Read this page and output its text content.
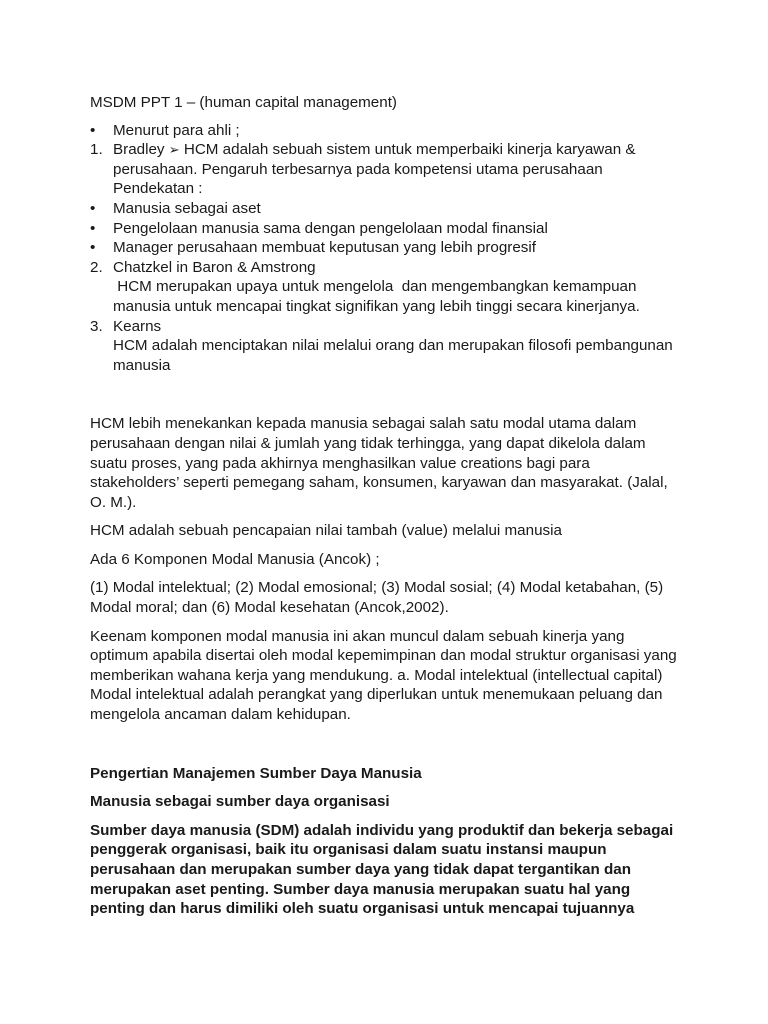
MSDM PPT 1 – (human capital management)

• Menurut para ahli ;
1. Bradley ➢ HCM adalah sebuah sistem untuk memperbaiki kinerja karyawan &
perusahaan. Pengaruh terbesarnya pada kompetensi utama perusahaan
Pendekatan :
• Manusia sebagai aset
• Pengelolaan manusia sama dengan pengelolaan modal finansial
• Manager perusahaan membuat keputusan yang lebih progresif
2. Chatzkel in Baron & Amstrong
HCM merupakan upaya untuk mengelola  dan mengembangkan kemampuan
manusia untuk mencapai tingkat signifikan yang lebih tinggi secara kinerjanya.
3. Kearns
HCM adalah menciptakan nilai melalui orang dan merupakan filosofi pembangunan
manusia
HCM lebih menekankan kepada manusia sebagai salah satu modal utama dalam
perusahaan dengan nilai & jumlah yang tidak terhingga, yang dapat dikelola dalam
suatu proses, yang pada akhirnya menghasilkan value creations bagi para
stakeholders’ seperti pemegang saham, konsumen, karyawan dan masyarakat. (Jalal,
O. M.).

HCM adalah sebuah pencapaian nilai tambah (value) melalui manusia

Ada 6 Komponen Modal Manusia (Ancok) ;

(1) Modal intelektual; (2) Modal emosional; (3) Modal sosial; (4) Modal ketabahan, (5)
Modal moral; dan (6) Modal kesehatan (Ancok,2002).
Keenam komponen modal manusia ini akan muncul dalam sebuah kinerja yang
optimum apabila disertai oleh modal kepemimpinan dan modal struktur organisasi yang
memberikan wahana kerja yang mendukung. a. Modal intelektual (intellectual capital)
Modal intelektual adalah perangkat yang diperlukan untuk menemukaan peluang dan
mengelola ancaman dalam kehidupan.

Pengertian Manajemen Sumber Daya Manusia

Manusia sebagai sumber daya organisasi

Sumber daya manusia (SDM) adalah individu yang produktif dan bekerja sebagai
penggerak organisasi, baik itu organisasi dalam suatu instansi maupun
perusahaan dan merupakan sumber daya yang tidak dapat tergantikan dan
merupakan aset penting. Sumber daya manusia merupakan suatu hal yang
penting dan harus dimiliki oleh suatu organisasi untuk mencapai tujuannya
